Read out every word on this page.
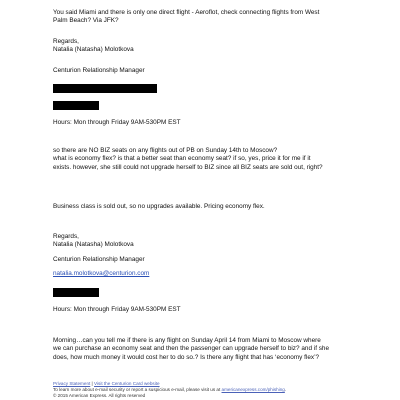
You said Miami and there is only one direct flight - Aeroflot, check connecting flights from West

Palm Beach? Via JFK?

Regards,

Natalia (Natasha) Molotkova

Centurion Relationship Manager

Hours: Mon through Friday 9AM-530PM EST

so there are NO BIZ seats on any flights out of PB on Sunday 14th to Moscow?

what is economy flex? is that a better seat than economy seat? if so, yes, price it for me if it

exists. however, she still could not upgrade herself to BIZ since all BIZ seats are sold out, right?

Business class is sold out, so no upgrades available. Pricing economy flex.

Regards,

Natalia (Natasha) Molotkova

Centurion Relationship Manager

natalia.molotkova@centurion.com

Hours: Mon through Friday 9AM-530PM EST

Morning…can you tell me if there is any flight on Sunday April 14 from Miami to Moscow where

we can purchase an economy seat and then the passenger can upgrade herself to biz? and if she

does, how much money it would cost her to do so.? Is there any flight that has ‘economy flex’?

Privacy Statement | Visit the Centurion Card website

To learn more about e-mail security or report a suspicious e-mail, please visit us at americanexpress.com/phishing.

© 2015 American Express. All rights reserved
